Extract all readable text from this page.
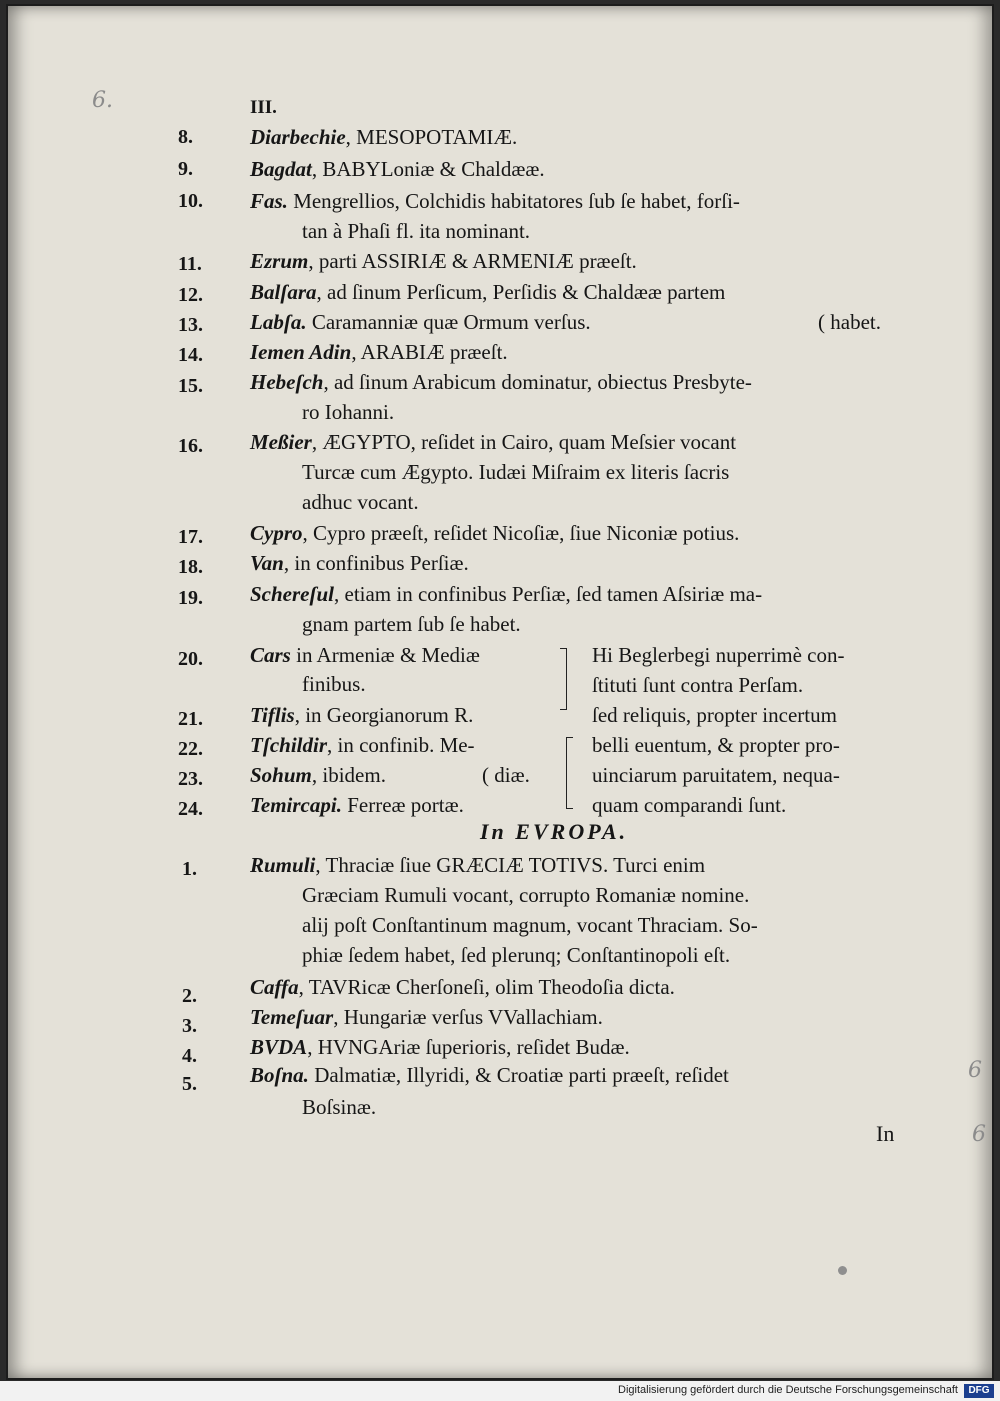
6.
6
6
III.
8.	Diarbechie, MESOPOTAMIÆ.
9.	Bagdat, BABYLoniæ & Chaldææ.
10. Fas. Mengrellios, Colchidis habitatores ſub ſe habet, forſi-
tan à Phaſi fl. ita nominant.
11. Ezrum, parti ASSIRIÆ & ARMENIÆ præeſt.
12. Balſara, ad ſinum Perſicum, Perſidis & Chaldææ partem
13. Labſa. Caramanniæ quæ Ormum verſus.	( habet.
14. Iemen Adin, ARABIÆ præeſt.
15. Hebeſch, ad ſinum Arabicum dominatur, obiectus Presbyte-
ro Iohanni.
16. Meßier, ÆGYPTO, reſidet in Cairo, quam Meſsier vocant
Turcæ cum Ægypto. Iudæi Miſraim ex literis ſacris
adhuc vocant.
17. Cypro, Cypro præeſt, reſidet Nicoſiæ, ſiue Niconiæ potius.
18. Van, in confinibus Perſiæ.
19. Schereſul, etiam in confinibus Perſiæ, ſed tamen Aſsiriæ ma-
gnam partem ſub ſe habet.
20. Cars in Armeniæ & Mediæ
finibus.
21. Tiflis, in Georgianorum R.
22. Tſchildir, in confinib. Me-
23. Sohum, ibidem.	( diæ.
24. Temircapi. Ferreæ portæ.
Hi Beglerbegi nuperrimè con-
ſtituti ſunt contra Perſam.
ſed reliquis, propter incertum
belli euentum, & propter pro-
uinciarum paruitatem, nequa-
quam comparandi ſunt.
In EVROPA.
1.	Rumuli, Thraciæ ſiue GRÆCIÆ TOTIVS. Turci enim
Græciam Rumuli vocant, corrupto Romaniæ nomine.
alij poſt Conſtantinum magnum, vocant Thraciam. So-
phiæ ſedem habet, ſed plerunq; Conſtantinopoli eſt.
2.	Caffa, TAVRicæ Cherſoneſi, olim Theodoſia dicta.
3.	Temeſuar, Hungariæ verſus VVallachiam.
4.	BVDA, HVNGAriæ ſuperioris, reſidet Budæ.
5.	Boſna. Dalmatiæ, Illyridi, & Croatiæ parti præeſt, reſidet
Boſsinæ.
In
Digitalisierung gefördert durch die Deutsche Forschungsgemeinschaft	DFG
